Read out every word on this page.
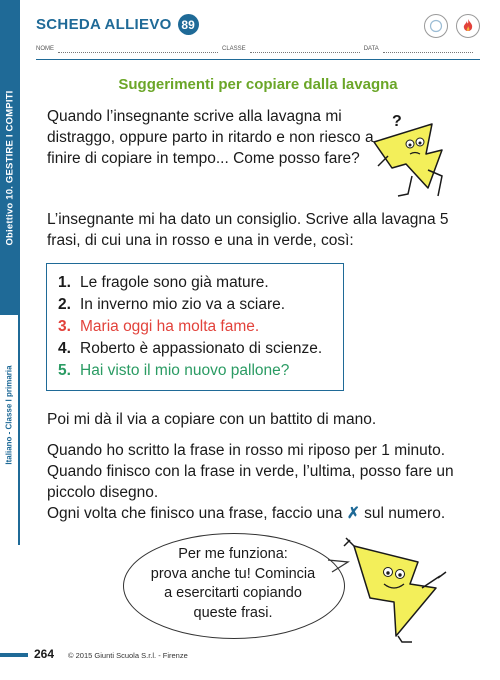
Obiettivo 10. GESTIRE I COMPITI
Italiano - Classe I primaria
SCHEDA ALLIEVO 89
NOME	CLASSE	DATA
Suggerimenti per copiare dalla lavagna
Quando l’insegnante scrive alla lavagna mi distraggo, oppure parto in ritardo e non riesco a finire di copiare in tempo... Come posso fare?
?
L’insegnante mi ha dato un consiglio. Scrive alla lavagna 5 frasi, di cui una in rosso e una in verde, così:
1. Le fragole sono già mature.
2. In inverno mio zio va a sciare.
3. Maria oggi ha molta fame.
4. Roberto è appassionato di scienze.
5. Hai visto il mio nuovo pallone?
Poi mi dà il via a copiare con un battito di mano.
Quando ho scritto la frase in rosso mi riposo per 1 minuto.
Quando finisco con la frase in verde, l’ultima, posso fare un piccolo disegno.
Ogni volta che finisco una frase, faccio una ✗ sul numero.
Per me funziona:
prova anche tu! Comincia
a esercitarti copiando
queste frasi.
264 © 2015 Giunti Scuola S.r.l. - Firenze
